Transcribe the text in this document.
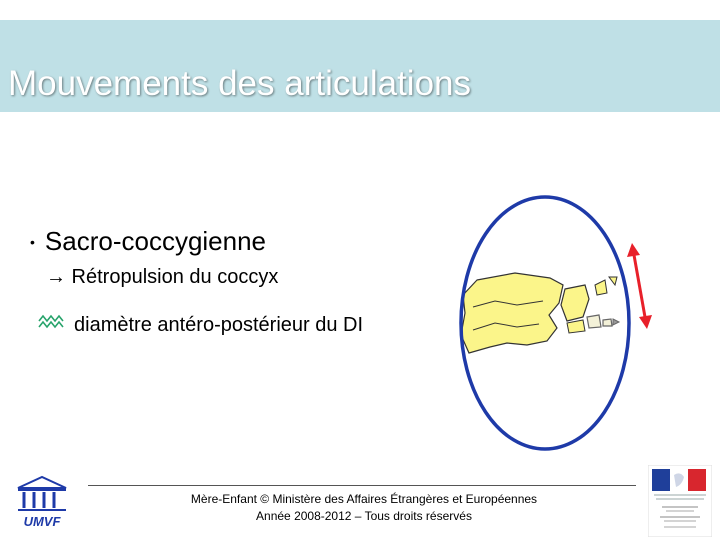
Mouvements des articulations
• Sacro-coccygienne
→ Rétropulsion du coccyx
diamètre antéro-postérieur du DI
Mère-Enfant © Ministère des Affaires Étrangères et Européennes
Année 2008-2012 – Tous droits réservés
UMVF
